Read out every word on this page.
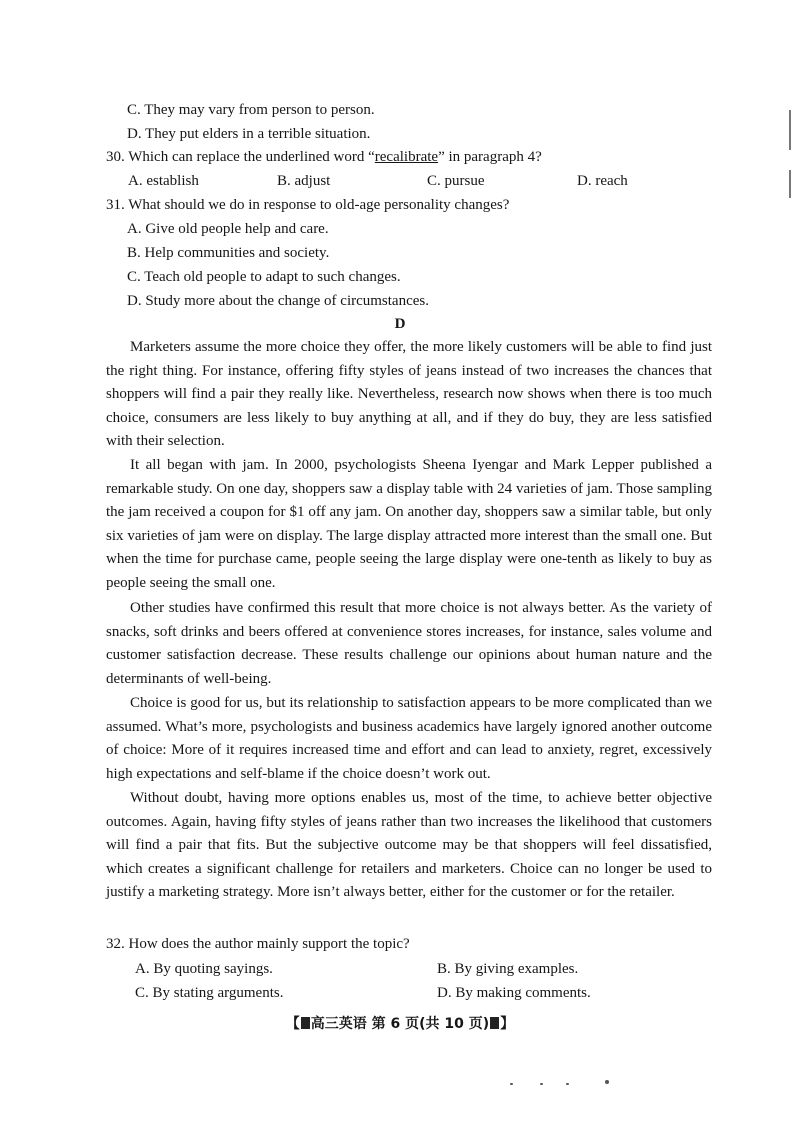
C. They may vary from person to person.
D. They put elders in a terrible situation.
30. Which can replace the underlined word “recalibrate” in paragraph 4?
A. establish	B. adjust	C. pursue	D. reach
31. What should we do in response to old-age personality changes?
A. Give old people help and care.
B. Help communities and society.
C. Teach old people to adapt to such changes.
D. Study more about the change of circumstances.
D
Marketers assume the more choice they offer, the more likely customers will be able to find just the right thing. For instance, offering fifty styles of jeans instead of two increases the chances that shoppers will find a pair they really like. Nevertheless, research now shows when there is too much choice, consumers are less likely to buy anything at all, and if they do buy, they are less satisfied with their selection.
It all began with jam. In 2000, psychologists Sheena Iyengar and Mark Lepper published a remarkable study. On one day, shoppers saw a display table with 24 varieties of jam. Those sampling the jam received a coupon for $1 off any jam. On another day, shoppers saw a similar table, but only six varieties of jam were on display. The large display attracted more interest than the small one. But when the time for purchase came, people seeing the large display were one-tenth as likely to buy as people seeing the small one.
Other studies have confirmed this result that more choice is not always better. As the variety of snacks, soft drinks and beers offered at convenience stores increases, for instance, sales volume and customer satisfaction decrease. These results challenge our opinions about human nature and the determinants of well-being.
Choice is good for us, but its relationship to satisfaction appears to be more complicated than we assumed. What’s more, psychologists and business academics have largely ignored another outcome of choice: More of it requires increased time and effort and can lead to anxiety, regret, excessively high expectations and self-blame if the choice doesn’t work out.
Without doubt, having more options enables us, most of the time, to achieve better objective outcomes. Again, having fifty styles of jeans rather than two increases the likelihood that customers will find a pair that fits. But the subjective outcome may be that shoppers will feel dissatisfied, which creates a significant challenge for retailers and marketers. Choice can no longer be used to justify a marketing strategy. More isn’t always better, either for the customer or for the retailer.
32. How does the author mainly support the topic?
A. By quoting sayings.	B. By giving examples.
C. By stating arguments.	D. By making comments.
【 高三英语 第 6 页(共 10 页) 】
